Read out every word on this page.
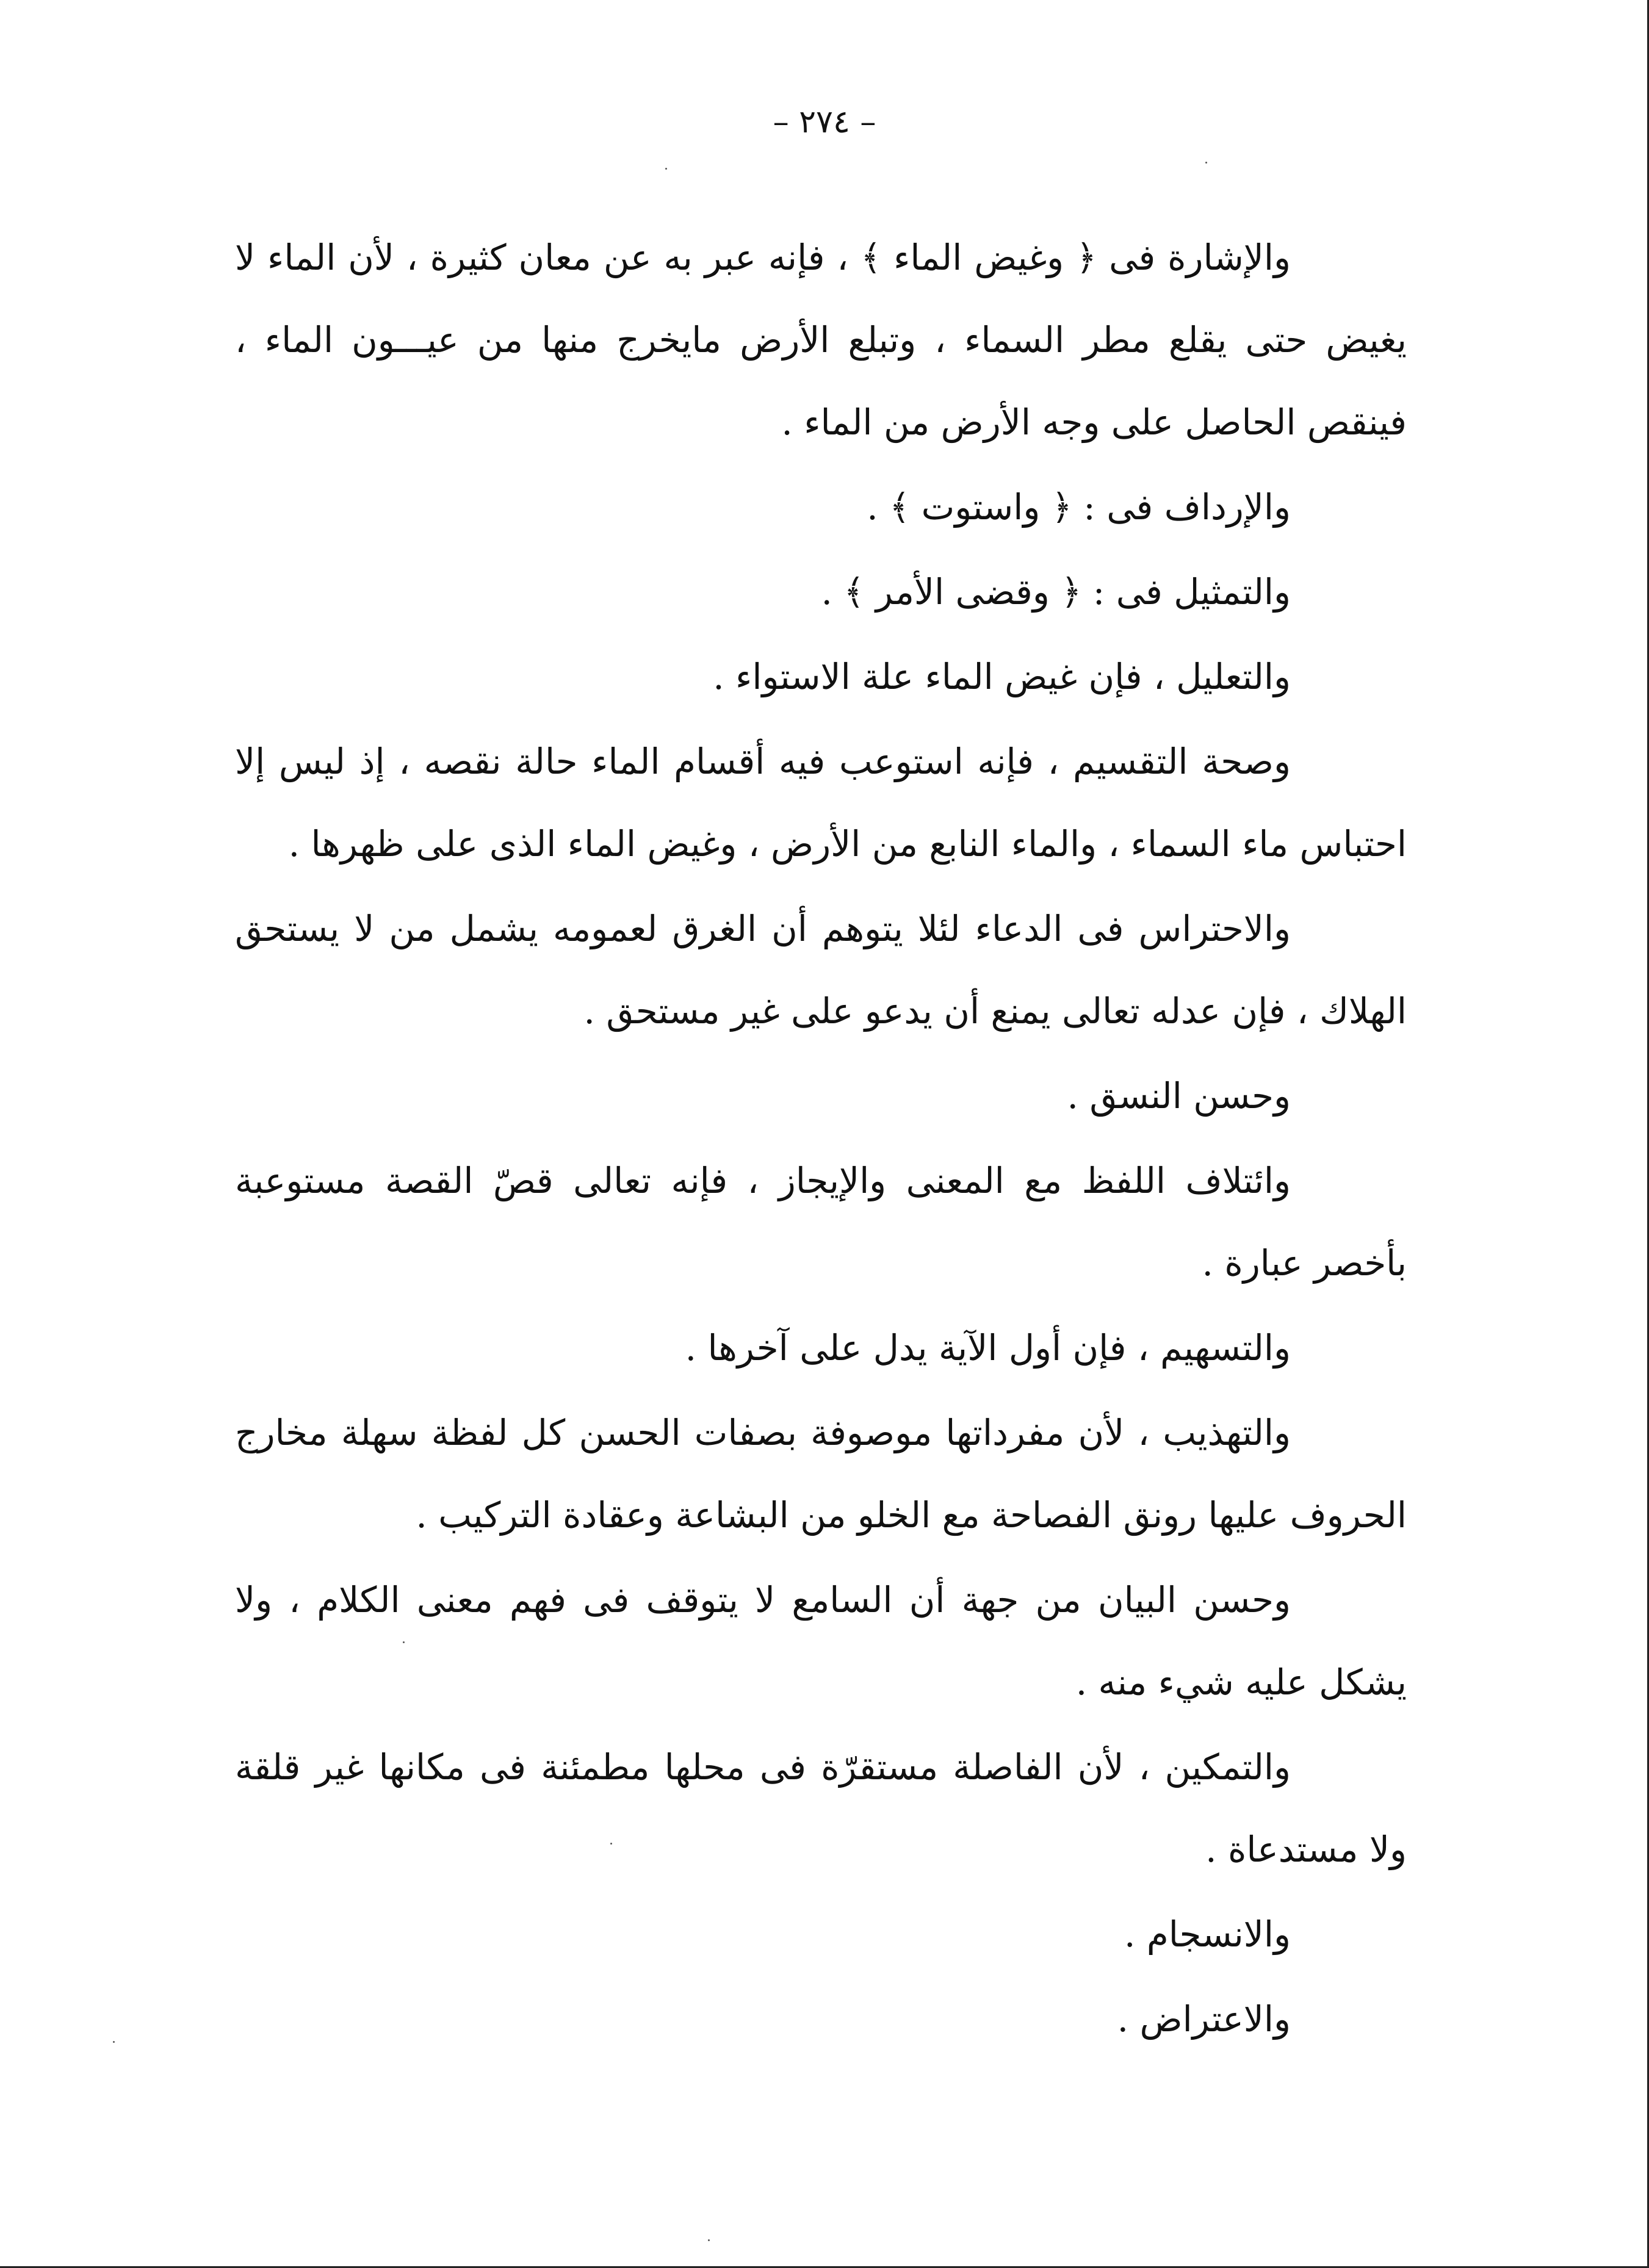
– ٢٧٤ –

والإشارة فى ﴿ وغيض الماء ﴾ ، فإنه عبر به عن معان كثيرة ، لأن الماء لا يغيض حتى يقلع مطر السماء ، وتبلع الأرض مايخرج منها من عيـــون الماء ، فينقص الحاصل على وجه الأرض من الماء .

والإرداف فى : ﴿ واستوت ﴾ .

والتمثيل فى : ﴿ وقضى الأمر ﴾ .

والتعليل ، فإن غيض الماء علة الاستواء .

وصحة التقسيم ، فإنه استوعب فيه أقسام الماء حالة نقصه ، إذ ليس إلا احتباس ماء السماء ، والماء النابع من الأرض ، وغيض الماء الذى على ظهرها .

والاحتراس فى الدعاء لئلا يتوهم أن الغرق لعمومه يشمل من لا يستحق الهلاك ، فإن عدله تعالى يمنع أن يدعو على غير مستحق .

وحسن النسق .

وائتلاف اللفظ مع المعنى والإيجاز ، فإنه تعالى قصّ القصة مستوعبة بأخصر عبارة .

والتسهيم ، فإن أول الآية يدل على آخرها .

والتهذيب ، لأن مفرداتها موصوفة بصفات الحسن كل لفظة سهلة مخارج الحروف عليها رونق الفصاحة مع الخلو من البشاعة وعقادة التركيب .

وحسن البيان من جهة أن السامع لا يتوقف فى فهم معنى الكلام ، ولا يشكل عليه شيء منه .

والتمكين ، لأن الفاصلة مستقرّة فى محلها مطمئنة فى مكانها غير قلقة ولا مستدعاة .

والانسجام .

والاعتراض .
